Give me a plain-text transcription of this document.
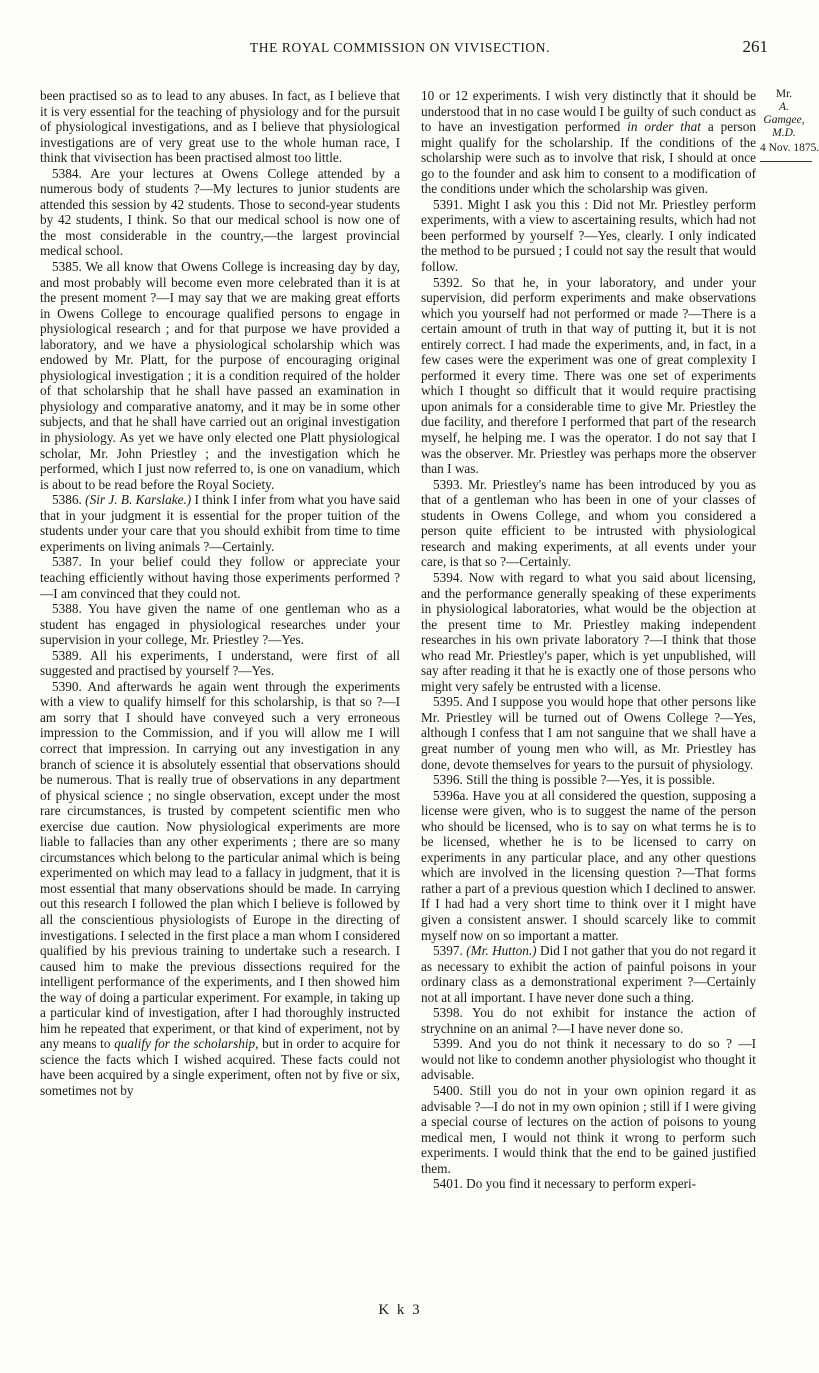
THE ROYAL COMMISSION ON VIVISECTION.	261

been practised so as to lead to any abuses. In fact, as I believe that it is very essential for the teaching of physiology and for the pursuit of physiological investigations, and as I believe that physiological investigations are of very great use to the whole human race, I think that vivisection has been practised almost too little.

5384. Are your lectures at Owens College attended by a numerous body of students ?—My lectures to junior students are attended this session by 42 students. Those to second-year students by 42 students, I think. So that our medical school is now one of the most considerable in the country,—the largest provincial medical school.

5385. We all know that Owens College is increasing day by day, and most probably will become even more celebrated than it is at the present moment ?—I may say that we are making great efforts in Owens College to encourage qualified persons to engage in physiological research ; and for that purpose we have provided a laboratory, and we have a physiological scholarship which was endowed by Mr. Platt, for the purpose of encouraging original physiological investigation ; it is a condition required of the holder of that scholarship that he shall have passed an examination in physiology and comparative anatomy, and it may be in some other subjects, and that he shall have carried out an original investigation in physiology. As yet we have only elected one Platt physiological scholar, Mr. John Priestley ; and the investigation which he performed, which I just now referred to, is one on vanadium, which is about to be read before the Royal Society.

5386. (Sir J. B. Karslake.) I think I infer from what you have said that in your judgment it is essential for the proper tuition of the students under your care that you should exhibit from time to time experiments on living animals ?—Certainly.

5387. In your belief could they follow or appreciate your teaching efficiently without having those experiments performed ?—I am convinced that they could not.

5388. You have given the name of one gentleman who as a student has engaged in physiological researches under your supervision in your college, Mr. Priestley ?—Yes.

5389. All his experiments, I understand, were first of all suggested and practised by yourself ?—Yes.

5390. And afterwards he again went through the experiments with a view to qualify himself for this scholarship, is that so ?—I am sorry that I should have conveyed such a very erroneous impression to the Commission, and if you will allow me I will correct that impression. In carrying out any investigation in any branch of science it is absolutely essential that observations should be numerous. That is really true of observations in any department of physical science ; no single observation, except under the most rare circumstances, is trusted by competent scientific men who exercise due caution. Now physiological experiments are more liable to fallacies than any other experiments ; there are so many circumstances which belong to the particular animal which is being experimented on which may lead to a fallacy in judgment, that it is most essential that many observations should be made. In carrying out this research I followed the plan which I believe is followed by all the conscientious physiologists of Europe in the directing of investigations. I selected in the first place a man whom I considered qualified by his previous training to undertake such a research. I caused him to make the previous dissections required for the intelligent performance of the experiments, and I then showed him the way of doing a particular experiment. For example, in taking up a particular kind of investigation, after I had thoroughly instructed him he repeated that experiment, or that kind of experiment, not by any means to qualify for the scholarship, but in order to acquire for science the facts which I wished acquired. These facts could not have been acquired by a single experiment, often not by five or six, sometimes not by

10 or 12 experiments. I wish very distinctly that it should be understood that in no case would I be guilty of such conduct as to have an investigation performed in order that a person might qualify for the scholarship. If the conditions of the scholarship were such as to involve that risk, I should at once go to the founder and ask him to consent to a modification of the conditions under which the scholarship was given.

5391. Might I ask you this : Did not Mr. Priestley perform experiments, with a view to ascertaining results, which had not been performed by yourself ?—Yes, clearly. I only indicated the method to be pursued ; I could not say the result that would follow.

5392. So that he, in your laboratory, and under your supervision, did perform experiments and make observations which you yourself had not performed or made ?—There is a certain amount of truth in that way of putting it, but it is not entirely correct. I had made the experiments, and, in fact, in a few cases were the experiment was one of great complexity I performed it every time. There was one set of experiments which I thought so difficult that it would require practising upon animals for a considerable time to give Mr. Priestley the due facility, and therefore I performed that part of the research myself, he helping me. I was the operator. I do not say that I was the observer. Mr. Priestley was perhaps more the observer than I was.

5393. Mr. Priestley's name has been introduced by you as that of a gentleman who has been in one of your classes of students in Owens College, and whom you considered a person quite efficient to be intrusted with physiological research and making experiments, at all events under your care, is that so ?—Certainly.

5394. Now with regard to what you said about licensing, and the performance generally speaking of these experiments in physiological laboratories, what would be the objection at the present time to Mr. Priestley making independent researches in his own private laboratory ?—I think that those who read Mr. Priestley's paper, which is yet unpublished, will say after reading it that he is exactly one of those persons who might very safely be entrusted with a license.

5395. And I suppose you would hope that other persons like Mr. Priestley will be turned out of Owens College ?—Yes, although I confess that I am not sanguine that we shall have a great number of young men who will, as Mr. Priestley has done, devote themselves for years to the pursuit of physiology.

5396. Still the thing is possible ?—Yes, it is possible.

5396a. Have you at all considered the question, supposing a license were given, who is to suggest the name of the person who should be licensed, who is to say on what terms he is to be licensed, whether he is to be licensed to carry on experiments in any particular place, and any other questions which are involved in the licensing question ?—That forms rather a part of a previous question which I declined to answer. If I had had a very short time to think over it I might have given a consistent answer. I should scarcely like to commit myself now on so important a matter.

5397. (Mr. Hutton.) Did I not gather that you do not regard it as necessary to exhibit the action of painful poisons in your ordinary class as a demonstrational experiment ?—Certainly not at all important. I have never done such a thing.

5398. You do not exhibit for instance the action of strychnine on an animal ?—I have never done so.

5399. And you do not think it necessary to do so ? —I would not like to condemn another physiologist who thought it advisable.

5400. Still you do not in your own opinion regard it as advisable ?—I do not in my own opinion ; still if I were giving a special course of lectures on the action of poisons to young medical men, I would not think it wrong to perform such experiments. I would think that the end to be gained justified them.

5401. Do you find it necessary to perform experi-

Mr.
A. Gamgee,
M.D.
4 Nov. 1875.
K k 3
